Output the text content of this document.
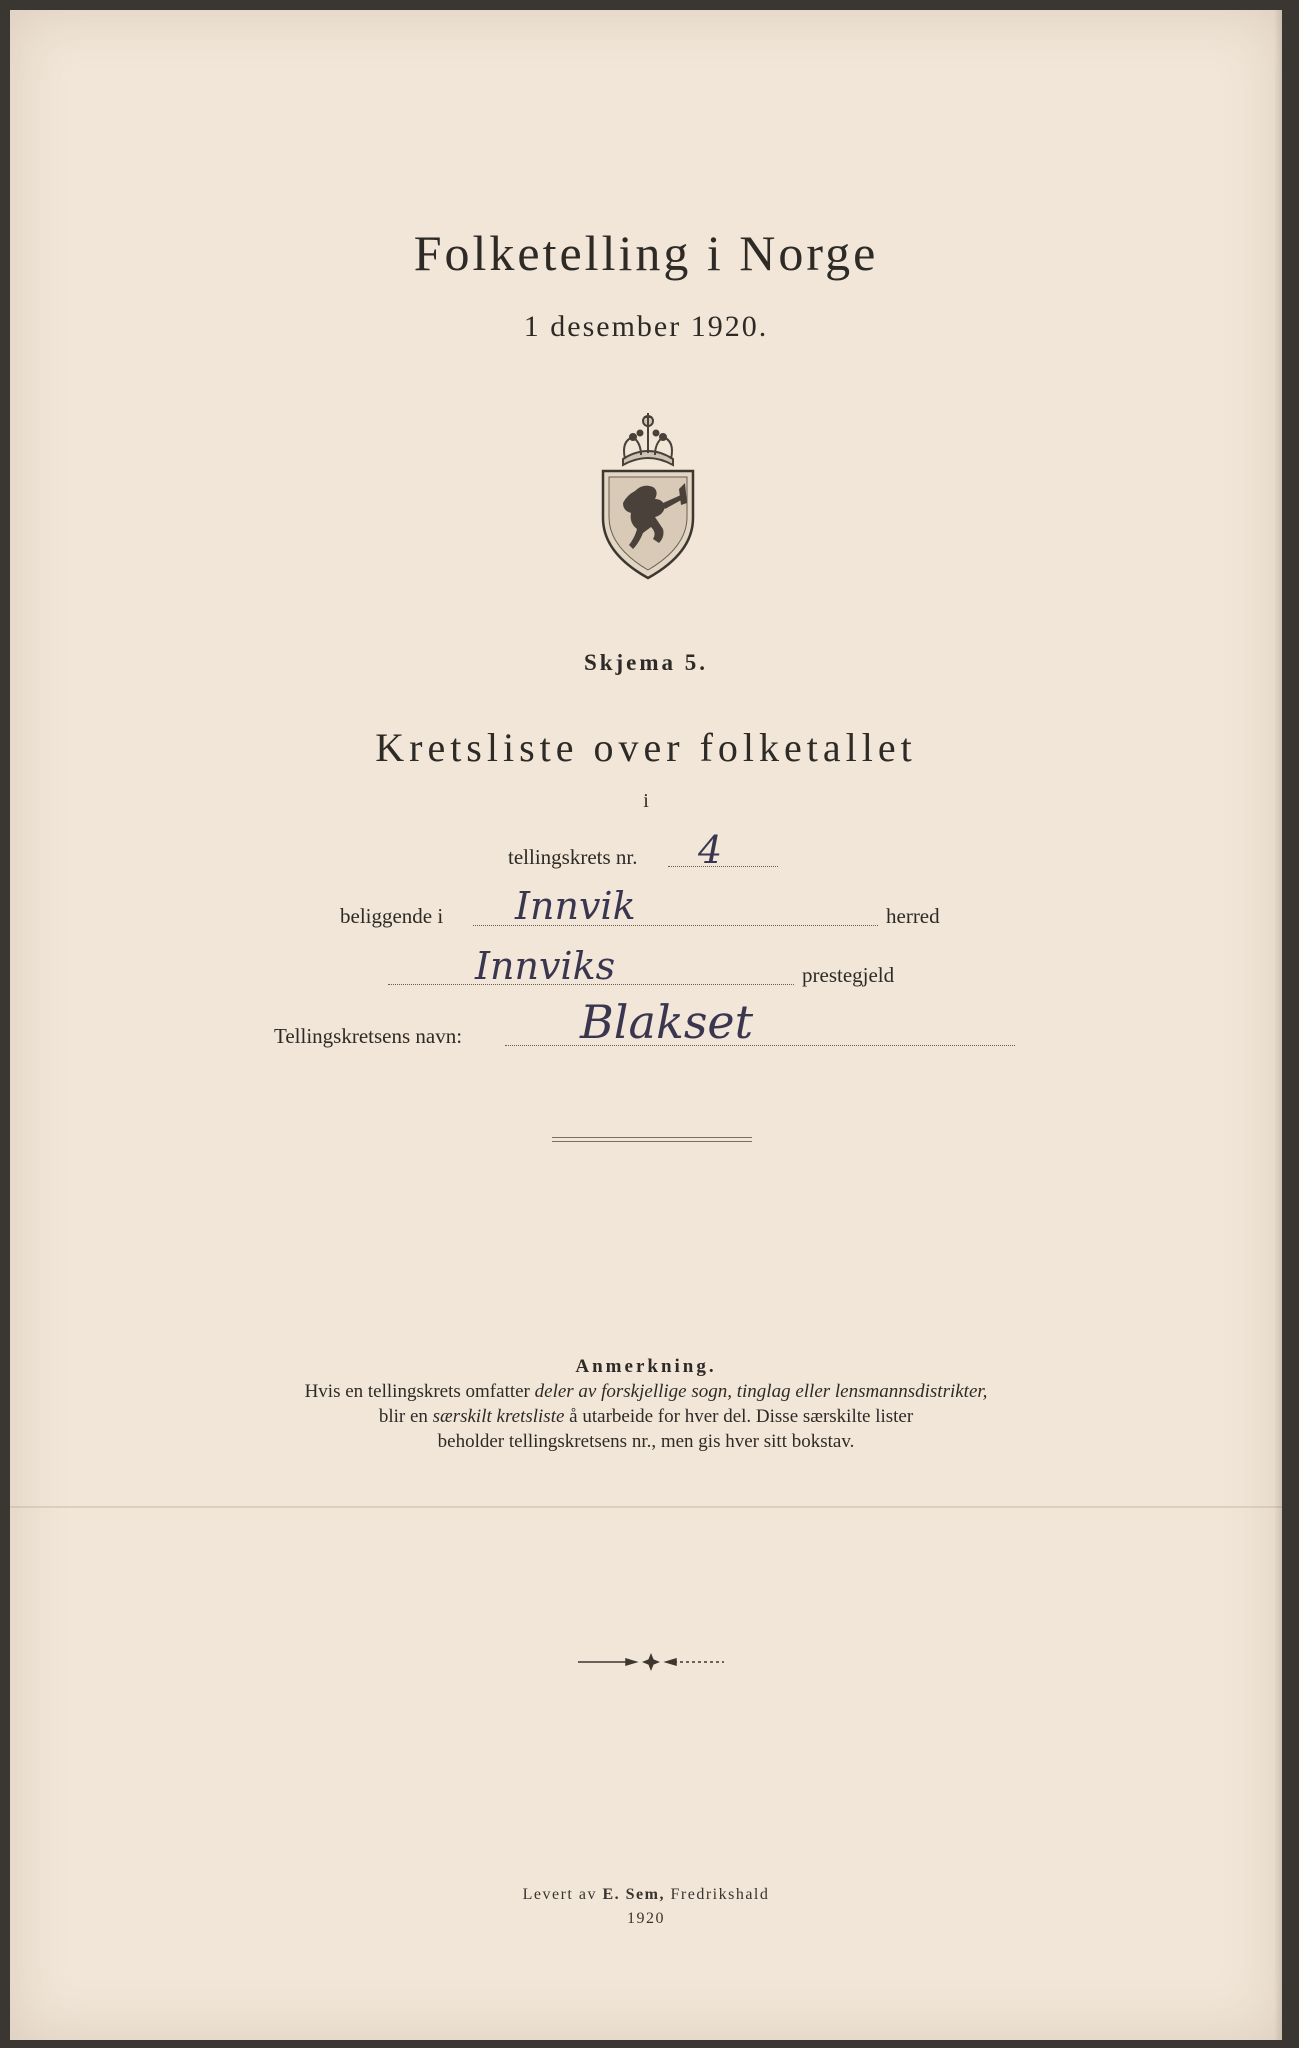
Folketelling i Norge
1 desember 1920.
Skjema 5.
Kretsliste over folketallet
i
tellingskrets nr. 4
beliggende i Innvik	herred
Innviks	prestegjeld
Tellingskretsens navn:	Blakset
Anmerkning.
Hvis en tellingskrets omfatter deler av forskjellige sogn, tinglag eller lensmannsdistrikter,
blir en særskilt kretsliste å utarbeide for hver del. Disse særskilte lister
beholder tellingskretsens nr., men gis hver sitt bokstav.
Levert av E. Sem, Fredrikshald
1920
